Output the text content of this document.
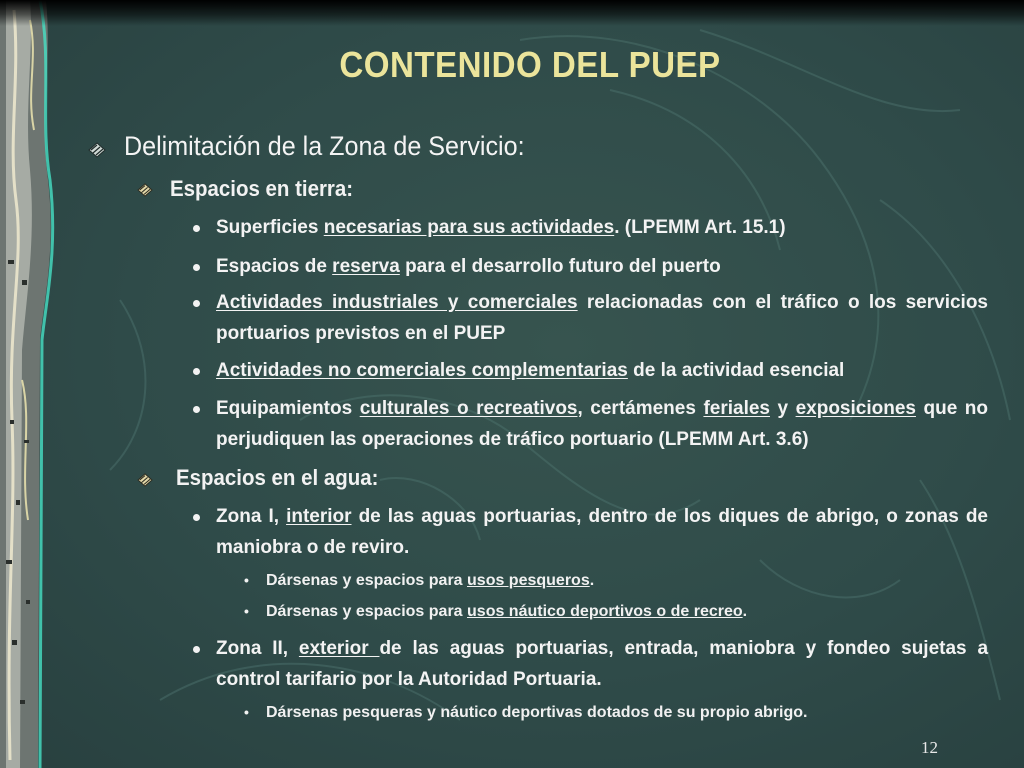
CONTENIDO DEL PUEP

Delimitación de la Zona de Servicio:

Espacios en tierra:
Superficies necesarias para sus actividades. (LPEMM Art. 15.1)
Espacios de reserva para el desarrollo futuro del puerto
Actividades industriales y comerciales relacionadas con el tráfico o los servicios portuarios previstos en el PUEP
Actividades no comerciales complementarias de la actividad esencial
Equipamientos culturales o recreativos, certámenes feriales y exposiciones que no perjudiquen las operaciones de tráfico portuario (LPEMM Art. 3.6)
Espacios en el agua:
Zona I, interior de las aguas portuarias, dentro de los diques de abrigo, o zonas de maniobra o de reviro.
• Dársenas y espacios para usos pesqueros.
• Dársenas y espacios para usos náutico deportivos o de recreo.
Zona II, exterior de las aguas portuarias, entrada, maniobra y fondeo sujetas a control tarifario por la Autoridad Portuaria.
• Dársenas pesqueras y náutico deportivas dotados de su propio abrigo.
12
